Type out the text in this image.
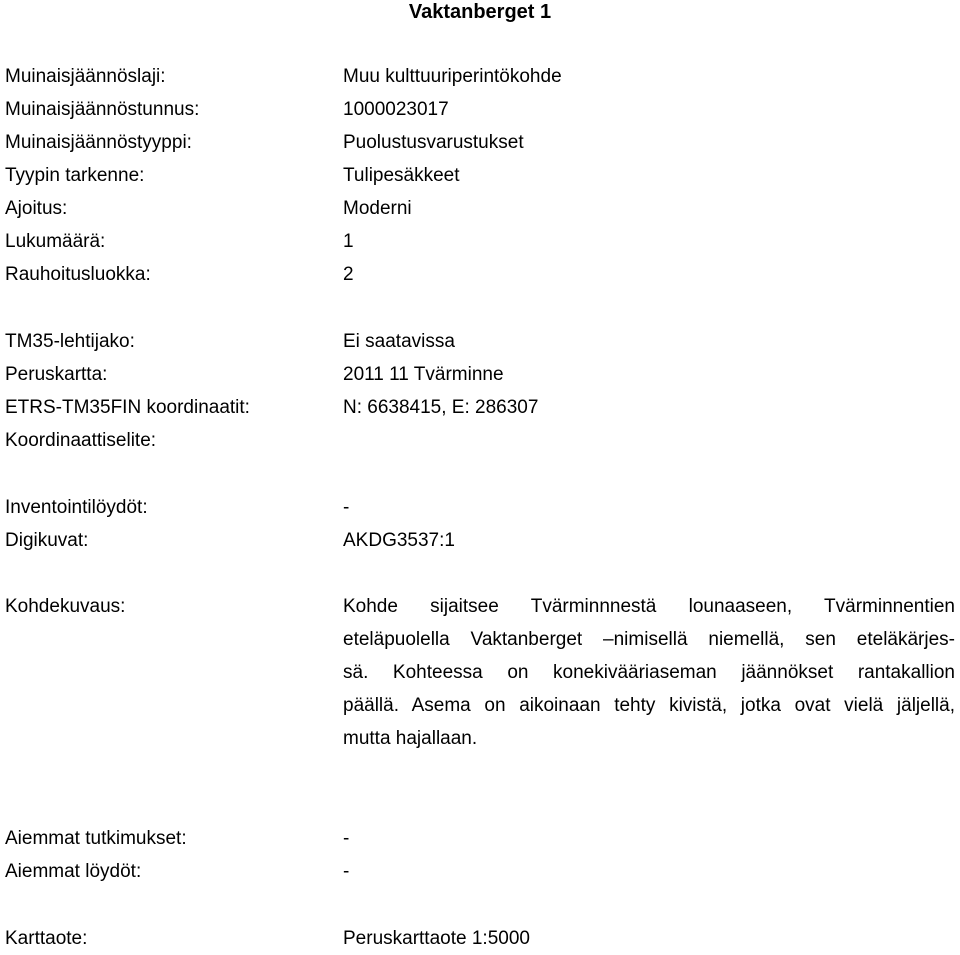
Vaktanberget 1
Muinaisjäännöslaji:	Muu kulttuuriperintökohde
Muinaisjäännöstunnus:	1000023017
Muinaisjäännöstyyppi:	Puolustusvarustukset
Tyypin tarkenne:	Tulipesäkkeet
Ajoitus:	Moderni
Lukumäärä:	1
Rauhoitusluokka:	2
TM35-lehtijako:	Ei saatavissa
Peruskartta:	2011 11 Tvärminne
ETRS-TM35FIN koordinaatit:	N: 6638415, E: 286307
Koordinaattiselite:
Inventointilöydöt:	-
Digikuvat:	AKDG3537:1
Kohdekuvaus:	Kohde sijaitsee Tvärminnnestä lounaaseen, Tvärminnentien
eteläpuolella Vaktanberget –nimisellä niemellä, sen eteläkärjes-
sä. Kohteessa on konekivääriaseman jäännökset rantakallion
päällä. Asema on aikoinaan tehty kivistä, jotka ovat vielä jäljellä,
mutta hajallaan.
Aiemmat tutkimukset:	-
Aiemmat löydöt:	-
Karttaote:	Peruskarttaote 1:5000
